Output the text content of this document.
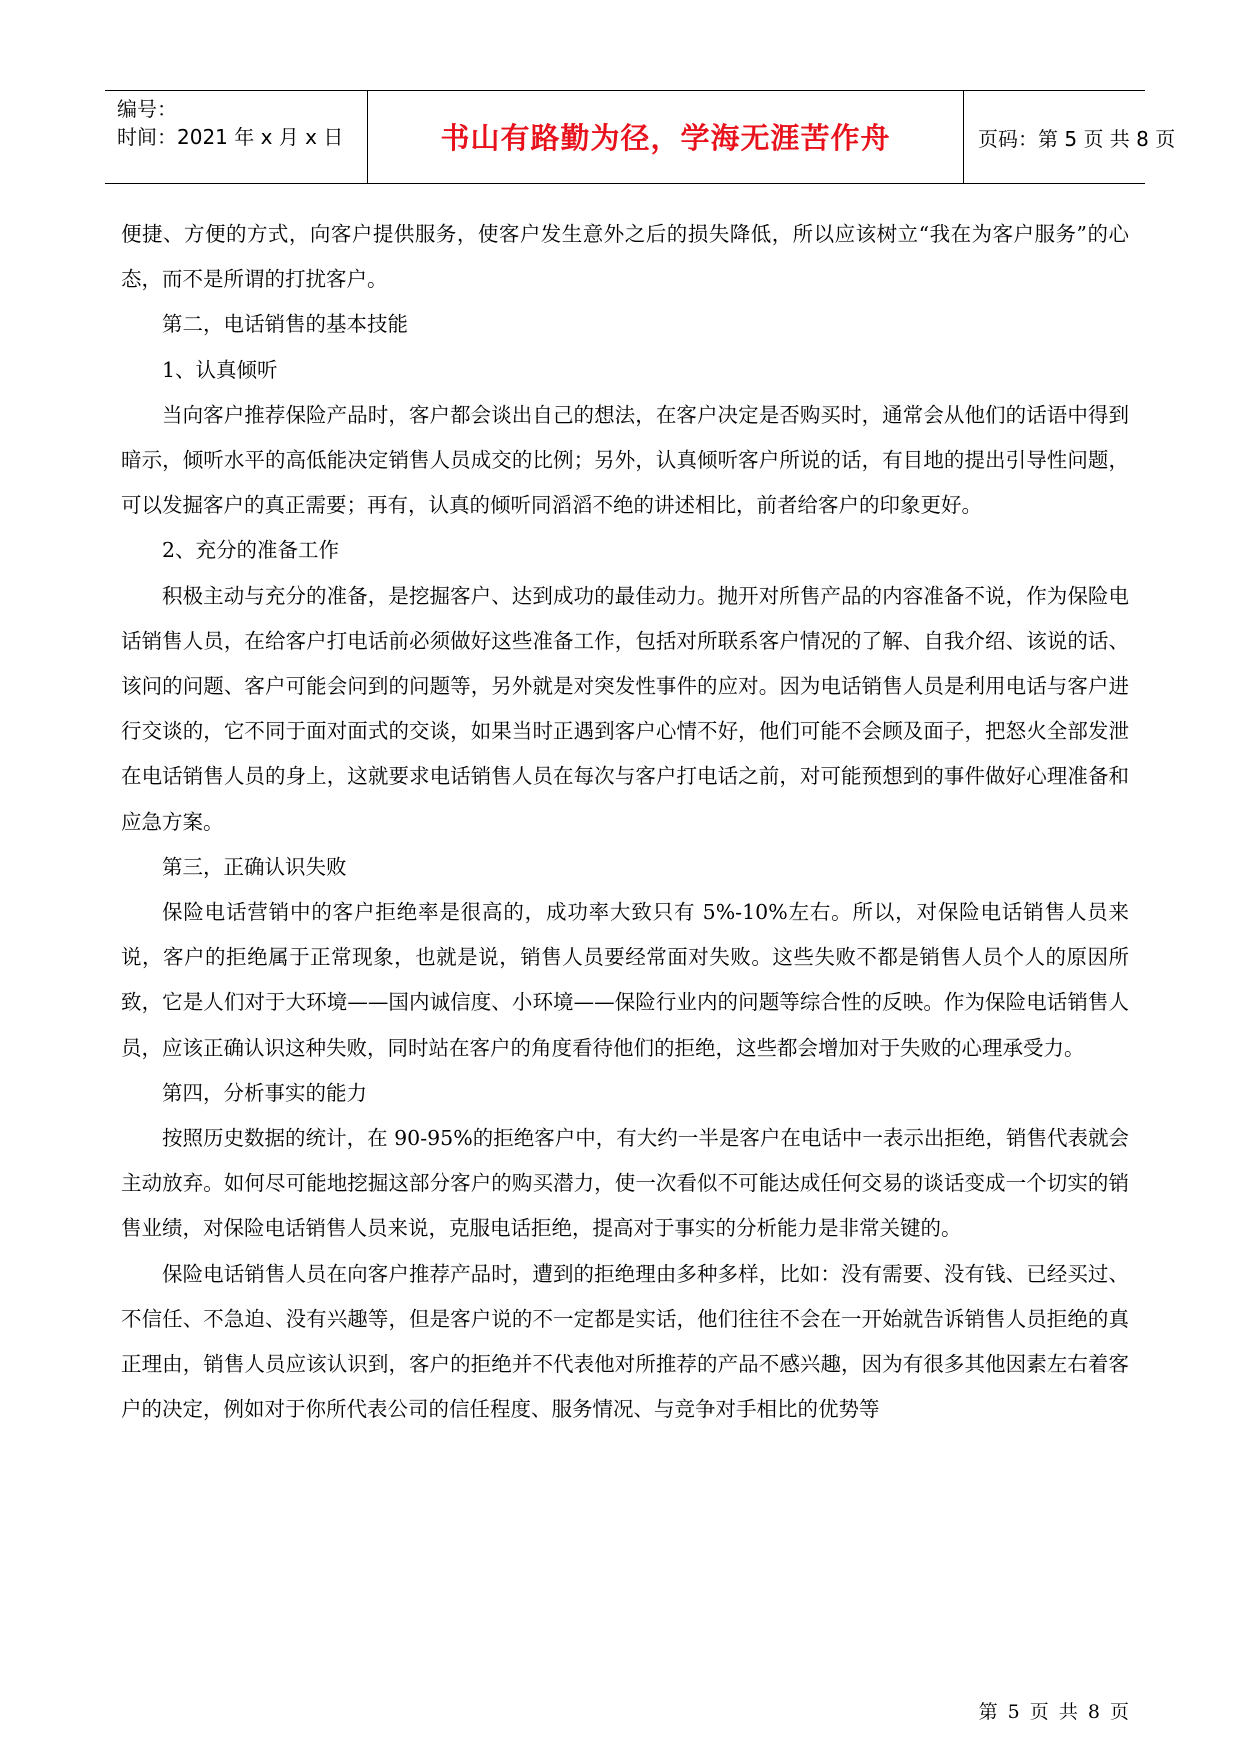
编号：
时间：2021 年 x 月 x 日	书山有路勤为径，学海无涯苦作舟	页码：第 5 页 共 8 页

便捷、方便的方式，向客户提供服务，使客户发生意外之后的损失降低，所以应该树立“我在为客户服务”的心态，而不是所谓的打扰客户。

第二，电话销售的基本技能

1、认真倾听

当向客户推荐保险产品时，客户都会谈出自己的想法，在客户决定是否购买时，通常会从他们的话语中得到暗示，倾听水平的高低能决定销售人员成交的比例；另外，认真倾听客户所说的话，有目地的提出引导性问题，可以发掘客户的真正需要；再有，认真的倾听同滔滔不绝的讲述相比，前者给客户的印象更好。

2、充分的准备工作

积极主动与充分的准备，是挖掘客户、达到成功的最佳动力。抛开对所售产品的内容准备不说，作为保险电话销售人员，在给客户打电话前必须做好这些准备工作，包括对所联系客户情况的了解、自我介绍、该说的话、该问的问题、客户可能会问到的问题等，另外就是对突发性事件的应对。因为电话销售人员是利用电话与客户进行交谈的，它不同于面对面式的交谈，如果当时正遇到客户心情不好，他们可能不会顾及面子，把怒火全部发泄在电话销售人员的身上，这就要求电话销售人员在每次与客户打电话之前，对可能预想到的事件做好心理准备和应急方案。

第三，正确认识失败

保险电话营销中的客户拒绝率是很高的，成功率大致只有 5%-10%左右。所以，对保险电话销售人员来说，客户的拒绝属于正常现象，也就是说，销售人员要经常面对失败。这些失败不都是销售人员个人的原因所致，它是人们对于大环境——国内诚信度、小环境——保险行业内的问题等综合性的反映。作为保险电话销售人员，应该正确认识这种失败，同时站在客户的角度看待他们的拒绝，这些都会增加对于失败的心理承受力。

第四，分析事实的能力

按照历史数据的统计，在 90-95%的拒绝客户中，有大约一半是客户在电话中一表示出拒绝，销售代表就会主动放弃。如何尽可能地挖掘这部分客户的购买潜力，使一次看似不可能达成任何交易的谈话变成一个切实的销售业绩，对保险电话销售人员来说，克服电话拒绝，提高对于事实的分析能力是非常关键的。

保险电话销售人员在向客户推荐产品时，遭到的拒绝理由多种多样，比如：没有需要、没有钱、已经买过、不信任、不急迫、没有兴趣等，但是客户说的不一定都是实话，他们往往不会在一开始就告诉销售人员拒绝的真正理由，销售人员应该认识到，客户的拒绝并不代表他对所推荐的产品不感兴趣，因为有很多其他因素左右着客户的决定，例如对于你所代表公司的信任程度、服务情况、与竞争对手相比的优势等

第 5 页 共 8 页
